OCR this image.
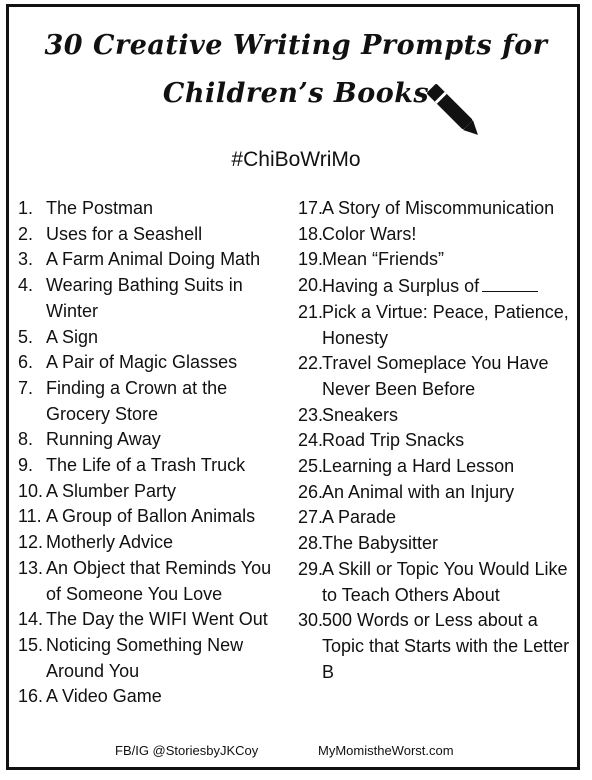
30 Creative Writing Prompts for
Children’s Books
#ChiBoWriMo
1. The Postman
2. Uses for a Seashell
3. A Farm Animal Doing Math
4. Wearing Bathing Suits in Winter
5. A Sign
6. A Pair of Magic Glasses
7. Finding a Crown at the Grocery Store
8. Running Away
9. The Life of a Trash Truck
10. A Slumber Party
11. A Group of Ballon Animals
12. Motherly Advice
13. An Object that Reminds You of Someone You Love
14. The Day the WIFI Went Out
15. Noticing Something New Around You
16. A Video Game
17.
A Story of Miscommunication
18.
Color Wars!
19.
Mean “Friends”
20.
Having a Surplus of
21.
Pick a Virtue: Peace, Patience, Honesty
22.
Travel Someplace You Have Never Been Before
23.
Sneakers
24.
Road Trip Snacks
25.
Learning a Hard Lesson
26.
An Animal with an Injury
27.
A Parade
28.
The Babysitter
29.
A Skill or Topic You Would Like to Teach Others About
30.
500 Words or Less about a Topic that Starts with the Letter B
FB/IG @StoriesbyJKCoy	MyMomistheWorst.com
